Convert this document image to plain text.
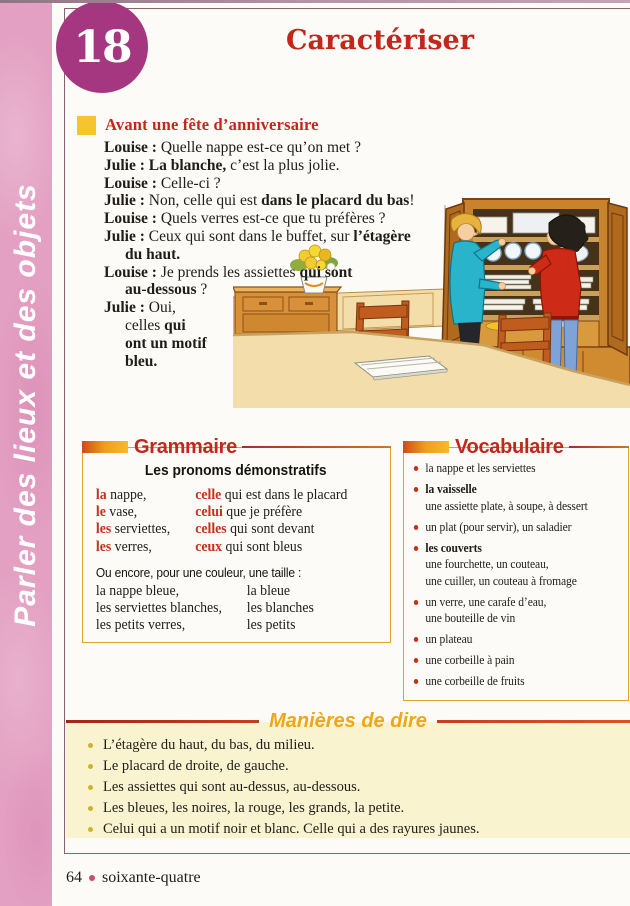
Parler des lieux et des objets
18	Caractériser
Avant une fête d’anniversaire
Louise : Quelle nappe est-ce qu’on met ?
Julie : La blanche, c’est la plus jolie.
Louise : Celle-ci ?
Julie : Non, celle qui est dans le placard du bas!
Louise : Quels verres est-ce que tu préfères ?
Julie : Ceux qui sont dans le buffet, sur l’étagère
du haut.
Louise : Je prends les assiettes qui sont
au-dessous ?
Julie : Oui,
celles qui
ont un motif
bleu.
Grammaire
Les pronoms démonstratifs
la nappe,	celle qui est dans le placard
le vase,	celui que je préfère
les serviettes, celles qui sont devant
les verres,	ceux qui sont bleus
Ou encore, pour une couleur, une taille :
la nappe bleue,	la bleue
les serviettes blanches, les blanches
les petits verres,	les petits
Vocabulaire
la nappe et les serviettes
la vaisselle
une assiette plate, à soupe, à dessert
un plat (pour servir), un saladier
les couverts
une fourchette, un couteau,
une cuiller, un couteau à fromage
un verre, une carafe d’eau,
une bouteille de vin
un plateau
une corbeille à pain
une corbeille de fruits
L’étagère du haut, du bas, du milieu.
Le placard de droite, de gauche.
Les assiettes qui sont au-dessus, au-dessous.
Les bleues, les noires, la rouge, les grands, la petite.
Celui qui a un motif noir et blanc. Celle qui a des rayures jaunes.
Manières de dire
64 soixante-quatre
